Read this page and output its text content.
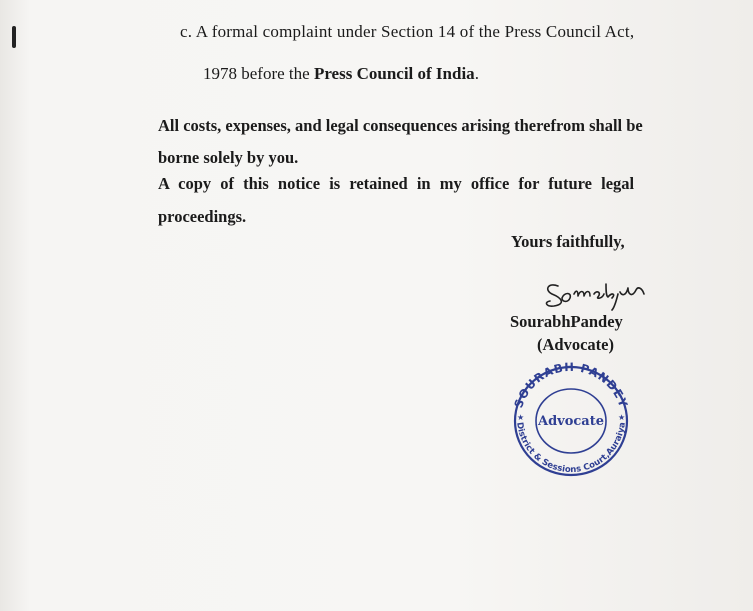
c. A formal complaint under Section 14 of the Press Council Act,
1978 before the Press Council of India.
All costs, expenses, and legal consequences arising therefrom shall be
borne solely by you.
A copy of this notice is retained in my office for future legal
proceedings.
Yours faithfully,
SourabhPandey
(Advocate)
SOURABH PANDEY
Advocate
District & Sessions Court,Auraiya
★	★
